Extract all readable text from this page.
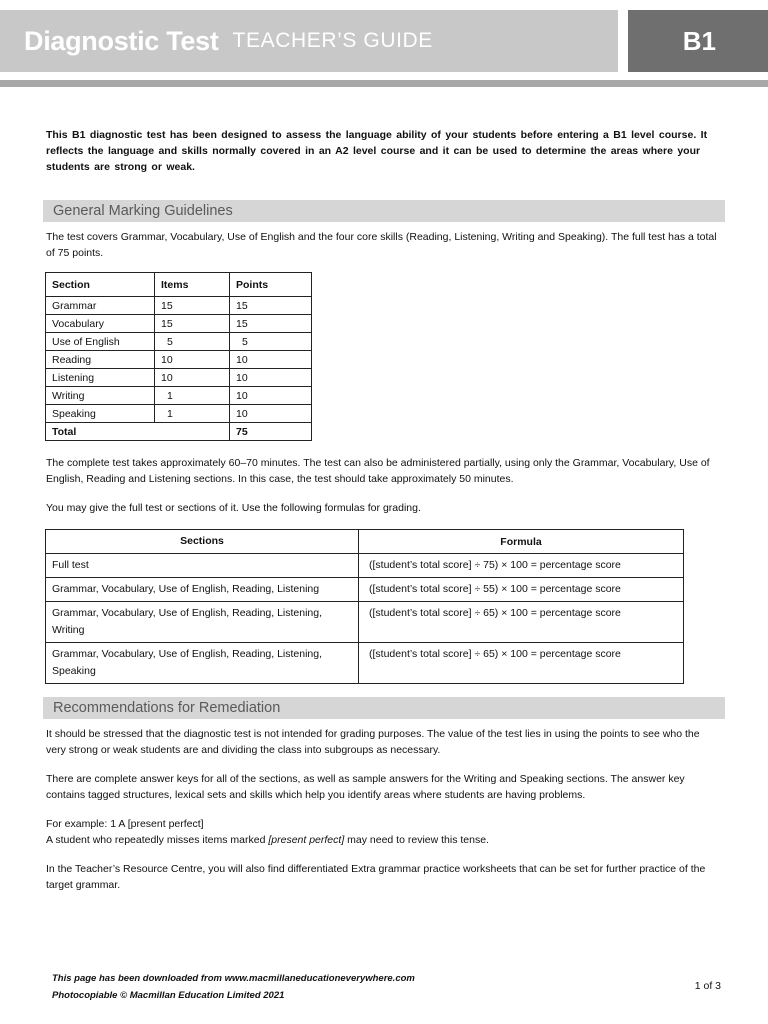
Diagnostic Test TEACHER’S GUIDE	B1

This B1 diagnostic test has been designed to assess the language ability of your students before entering a B1 level course. It reflects the language and skills normally covered in an A2 level course and it can be used to determine the areas where your students are strong or weak.

General Marking Guidelines

The test covers Grammar, Vocabulary, Use of English and the four core skills (Reading, Listening, Writing and Speaking). The full test has a total of 75 points.

Section	Items	Points
Grammar	15	15
Vocabulary	15	15
Use of English	5	5
Reading	10	10
Listening	10	10
Writing	1	10
Speaking	1	10
Total		75

The complete test takes approximately 60–70 minutes. The test can also be administered partially, using only the Grammar, Vocabulary, Use of English, Reading and Listening sections. In this case, the test should take approximately 50 minutes.

You may give the full test or sections of it. Use the following formulas for grading.

Sections	Formula
Full test	([student’s total score] ÷ 75) × 100 = percentage score
Grammar, Vocabulary, Use of English, Reading, Listening	([student’s total score] ÷ 55) × 100 = percentage score
Grammar, Vocabulary, Use of English, Reading, Listening, Writing	([student’s total score] ÷ 65) × 100 = percentage score
Grammar, Vocabulary, Use of English, Reading, Listening, Speaking	([student’s total score] ÷ 65) × 100 = percentage score
Recommendations for Remediation

It should be stressed that the diagnostic test is not intended for grading purposes. The value of the test lies in using the points to see who the very strong or weak students are and dividing the class into subgroups as necessary.

There are complete answer keys for all of the sections, as well as sample answers for the Writing and Speaking sections. The answer key contains tagged structures, lexical sets and skills which help you identify areas where students are having problems.

For example: 1 A [present perfect]

A student who repeatedly misses items marked [present perfect] may need to review this tense.

In the Teacher’s Resource Centre, you will also find differentiated Extra grammar practice worksheets that can be set for further practice of the target grammar.

This page has been downloaded from www.macmillaneducationeverywhere.com
Photocopiable © Macmillan Education Limited 2021
1 of 3
